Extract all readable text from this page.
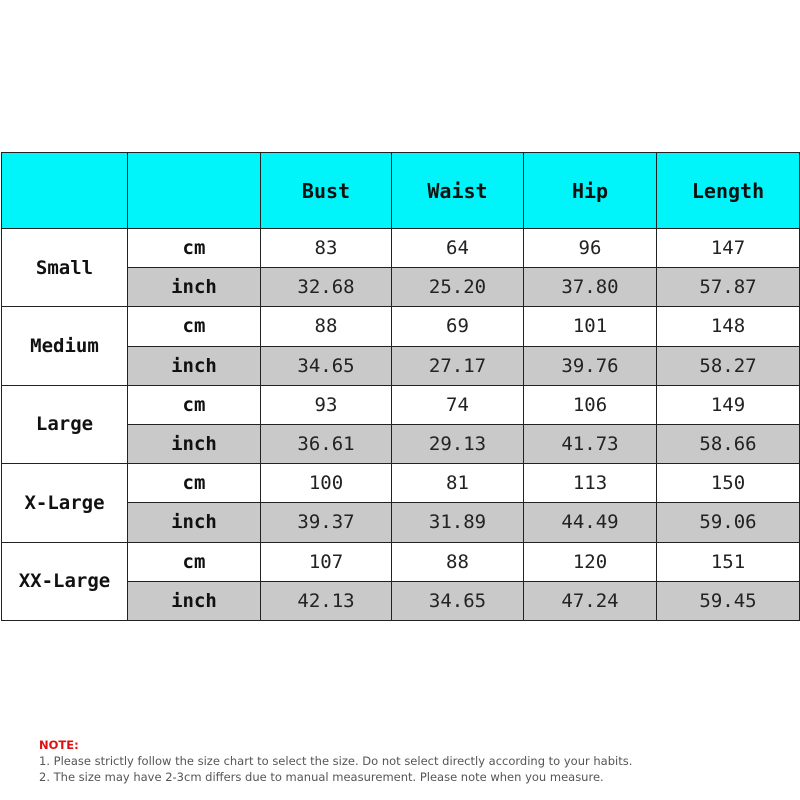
		Bust	Waist	Hip	Length
Small	cm	83	64	96	147
	inch	32.68	25.20	37.80	57.87
Medium	cm	88	69	101	148
	inch	34.65	27.17	39.76	58.27
Large	cm	93	74	106	149
	inch	36.61	29.13	41.73	58.66
X-Large	cm	100	81	113	150
	inch	39.37	31.89	44.49	59.06
XX-Large	cm	107	88	120	151
	inch	42.13	34.65	47.24	59.45
NOTE:
1. Please strictly follow the size chart to select the size. Do not select directly according to your habits.
2. The size may have 2-3cm differs due to manual measurement. Please note when you measure.
